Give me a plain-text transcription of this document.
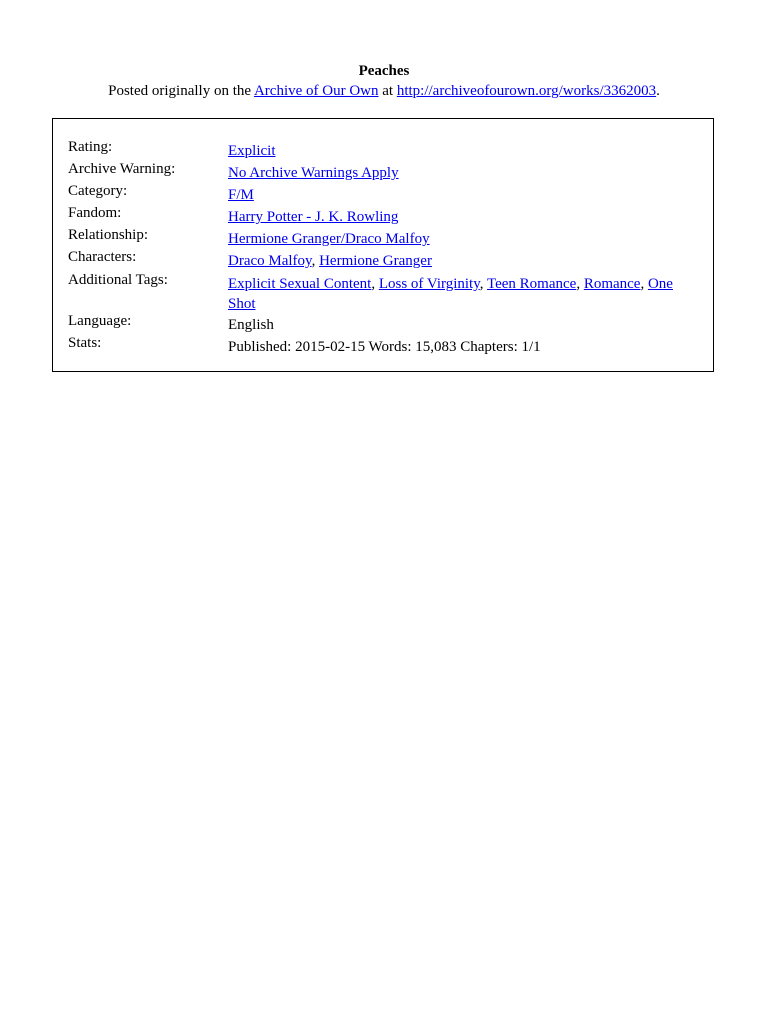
Peaches
Posted originally on the Archive of Our Own at http://archiveofourown.org/works/3362003.
Rating:	Explicit
Archive Warning:	No Archive Warnings Apply
Category:	F/M
Fandom:	Harry Potter - J. K. Rowling
Relationship:	Hermione Granger/Draco Malfoy
Characters:	Draco Malfoy, Hermione Granger
Additional Tags:	Explicit Sexual Content, Loss of Virginity, Teen Romance, Romance, One Shot
Language:	English
Stats:	Published: 2015-02-15 Words: 15,083 Chapters: 1/1
